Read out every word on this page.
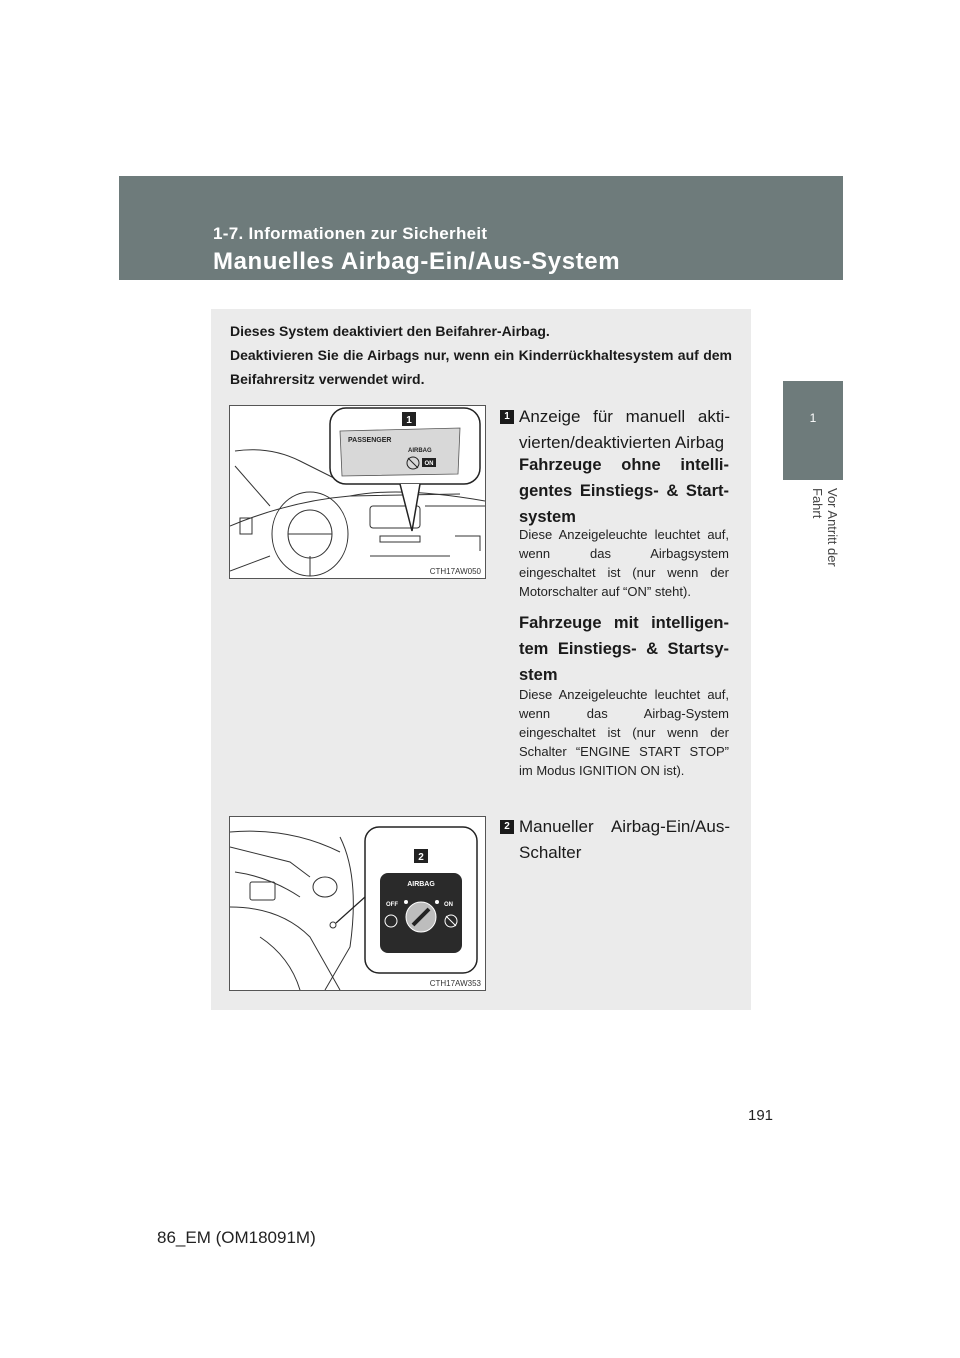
1-7. Informationen zur Sicherheit
Manuelles Airbag-Ein/Aus-System
1
Vor Antritt der Fahrt

Dieses System deaktiviert den Beifahrer-Airbag.

Deaktivieren Sie die Airbags nur, wenn ein Kinderrückhaltesystem auf dem Beifahrersitz verwendet wird.

1
PASSENGER
AIRBAG
ON
CTH17AW050
2
AIRBAG
OFF	ON
CTH17AW353
1 Anzeige für manuell akti-vierten/deaktivierten Airbag
Fahrzeuge ohne intelli-gentes Einstiegs- & Start-system
Diese Anzeigeleuchte leuchtet auf, wenn das Airbagsystem eingeschaltet ist (nur wenn der Motorschalter auf “ON” steht).
Fahrzeuge mit intelligen-tem Einstiegs- & Startsy-stem
Diese Anzeigeleuchte leuchtet auf, wenn das Airbag-System eingeschaltet ist (nur wenn der Schalter “ENGINE START STOP” im Modus IGNITION ON ist).
2 Manueller Airbag-Ein/Aus-Schalter
191
86_EM (OM18091M)
